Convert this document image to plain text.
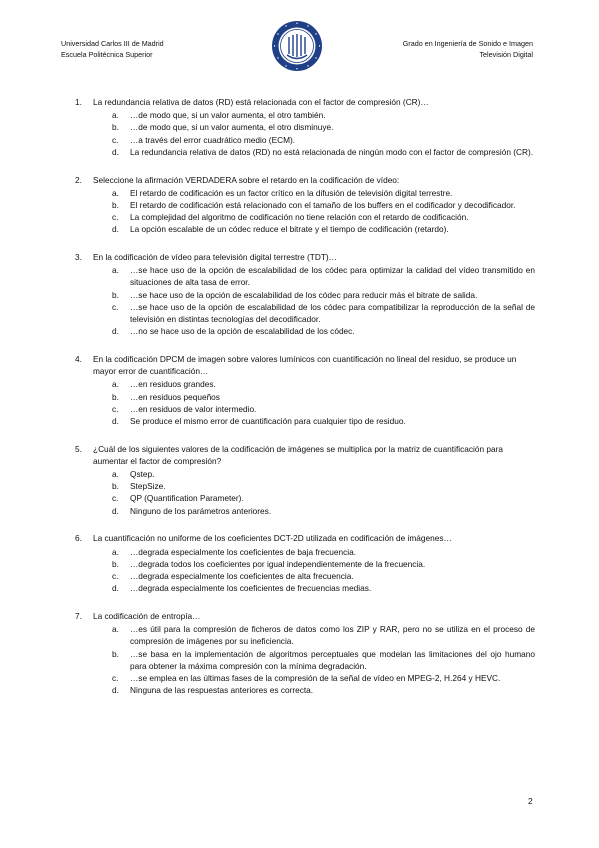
Universidad Carlos III de Madrid
Escuela Politécnica Superior
Grado en Ingeniería de Sonido e Imagen
Televisión Digital
1.	La redundancia relativa de datos (RD) está relacionada con el factor de compresión (CR)…
a.	…de modo que, si un valor aumenta, el otro también.
b.	…de modo que, si un valor aumenta, el otro disminuye.
c.	…a través del error cuadrático medio (ECM).
d.	La redundancia relativa de datos (RD) no está relacionada de ningún modo con el factor de compresión (CR).
2.	Seleccione la afirmación VERDADERA sobre el retardo en la codificación de vídeo:
a.	El retardo de codificación es un factor crítico en la difusión de televisión digital terrestre.
b.	El retardo de codificación está relacionado con el tamaño de los buffers en el codificador y decodificador.
c.	La complejidad del algoritmo de codificación no tiene relación con el retardo de codificación.
d.	La opción escalable de un códec reduce el bitrate y el tiempo de codificación (retardo).
3.	En la codificación de vídeo para televisión digital terrestre (TDT)…
a.	…se hace uso de la opción de escalabilidad de los códec para optimizar la calidad del vídeo transmitido en situaciones de alta tasa de error.
b.	…se hace uso de la opción de escalabilidad de los códec para reducir más el bitrate de salida.
c.	…se hace uso de la opción de escalabilidad de los códec para compatibilizar la reproducción de la señal de televisión en distintas tecnologías del decodificador.
d.	…no se hace uso de la opción de escalabilidad de los códec.
4.	En la codificación DPCM de imagen sobre valores lumínicos con cuantificación no lineal del residuo, se produce un mayor error de cuantificación…
a.	…en residuos grandes.
b.	…en residuos pequeños
c.	…en residuos de valor intermedio.
d.	Se produce el mismo error de cuantificación para cualquier tipo de residuo.
5.	¿Cuál de los siguientes valores de la codificación de imágenes se multiplica por la matriz de cuantificación para aumentar el factor de compresión?
a.	Qstep.
b.	StepSize.
c.	QP (Quantification Parameter).
d.	Ninguno de los parámetros anteriores.
6.	La cuantificación no uniforme de los coeficientes DCT-2D utilizada en codificación de imágenes…
a.	…degrada especialmente los coeficientes de baja frecuencia.
b.	…degrada todos los coeficientes por igual independientemente de la frecuencia.
c.	…degrada especialmente los coeficientes de alta frecuencia.
d.	…degrada especialmente los coeficientes de frecuencias medias.
7.	La codificación de entropía…
a.	…es útil para la compresión de ficheros de datos como los ZIP y RAR, pero no se utiliza en el proceso de compresión de imágenes por su ineficiencia.
b.	…se basa en la implementación de algoritmos perceptuales que modelan las limitaciones del ojo humano para obtener la máxima compresión con la mínima degradación.
c.	…se emplea en las últimas fases de la compresión de la señal de vídeo en MPEG-2, H.264 y HEVC.
d.	Ninguna de las respuestas anteriores es correcta.
2
